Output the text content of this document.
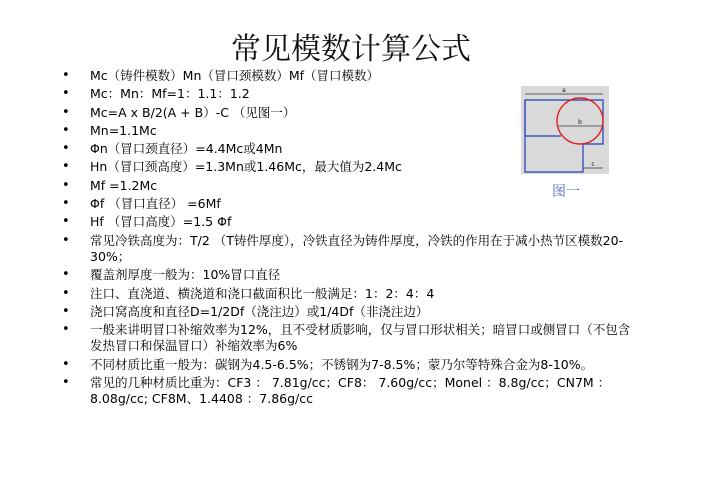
常见模数计算公式
• Mc（铸件模数）Mn（冒口颈模数）Mf（冒口模数）
• Mc：Mn：Mf=1：1.1：1.2
• Mc=A x B/2(A + B）-C （见图一）
• Mn=1.1Mc
• Φn（冒口颈直径）=4.4Mc或4Mn
• Hn（冒口颈高度）=1.3Mn或1.46Mc，最大值为2.4Mc
• Mf =1.2Mc
• Φf （冒口直径） =6Mf
• Hf （冒口高度）=1.5 Φf
• 常见冷铁高度为：T/2 （T铸件厚度），冷铁直径为铸件厚度，冷铁的作用在于减小热节区模数20-30%；
• 覆盖剂厚度一般为：10%冒口直径
• 注口、直浇道、横浇道和浇口截面积比一般满足：1：2：4：4
• 浇口窝高度和直径D=1/2Df（浇注边）或1/4Df（非浇注边）
• 一般来讲明冒口补缩效率为12%，且不受材质影响，仅与冒口形状相关；暗冒口或侧冒口（不包含发热冒口和保温冒口）补缩效率为6%
• 不同材质比重一般为：碳钢为4.5-6.5%；不锈钢为7-8.5%；蒙乃尔等特殊合金为8-10%。
• 常见的几种材质比重为：CF3 ： 7.81g/cc；CF8： 7.60g/cc；Monel ：8.8g/cc；CN7M ：8.08g/cc; CF8M、1.4408 ：7.86g/cc
a
b
c
图一
